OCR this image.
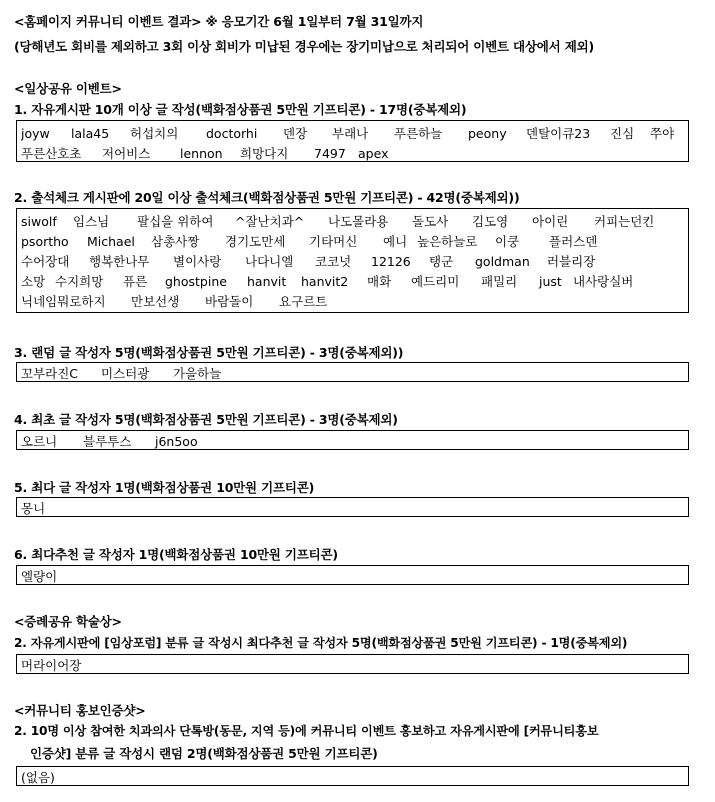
<홈페이지 커뮤니티 이벤트 결과> ※ 응모기간 6월 1일부터 7월 31일까지
(당해년도 회비를 제외하고 3회 이상 회비가 미납된 경우에는 장기미납으로 처리되어 이벤트 대상에서 제외)
<일상공유 이벤트>
1. 자유게시판 10개 이상 글 작성(백화점상품권 5만원 기프티콘) - 17명(중복제외)
joyw	lala45	허섭치의	doctorhi	덴장	부래나	푸른하늘	peony	덴탈이큐23	진심	쭈야
푸른산호초	저어비스	lennon	희망다지	7497 apex
2. 출석체크 게시판에 20일 이상 출석체크(백화점상품권 5만원 기프티콘) - 42명(중복제외))
siwolf	임스님	팔십을 위하여	^잘난치과^	나도몰라용	돌도사	김도영	아이린	커피는던킨
psortho	Michael	삼총사짱	경기도만세	기타머신	예니 높은하늘로	이쿵	플러스덴
수어장대	행복한나무	별이사랑	나다니엘	코코넛	12126	탱군	goldman	러블리장
소망 수지희망	퓨른	ghostpine	hanvit	hanvit2	매화	예드리미	패밀리	just 내사랑실버
닉네임뭐로하지	만보선생	바람돌이	요구르트
3. 랜덤 글 작성자 5명(백화점상품권 5만원 기프티콘) - 3명(중복제외))
꼬부라진C	미스터광	가을하늘
4. 최초 글 작성자 5명(백화점상품권 5만원 기프티콘) - 3명(중복제외)
오르니	블루투스	j6n5oo
5. 최다 글 작성자 1명(백화점상품권 10만원 기프티콘)
몽니
6. 최다추천 글 작성자 1명(백화점상품권 10만원 기프티콘)
엘량이
<증례공유 학술상>
2. 자유게시판에 [임상포럼] 분류 글 작성시 최다추천 글 작성자 5명(백화점상품권 5만원 기프티콘) - 1명(중복제외)
머라이어장
<커뮤니티 홍보인증샷>
2. 10명 이상 참여한 치과의사 단톡방(동문, 지역 등)에 커뮤니티 이벤트 홍보하고 자유게시판에 [커뮤니티홍보
인증샷] 분류 글 작성시 랜덤 2명(백화점상품권 5만원 기프티콘)
(없음)
